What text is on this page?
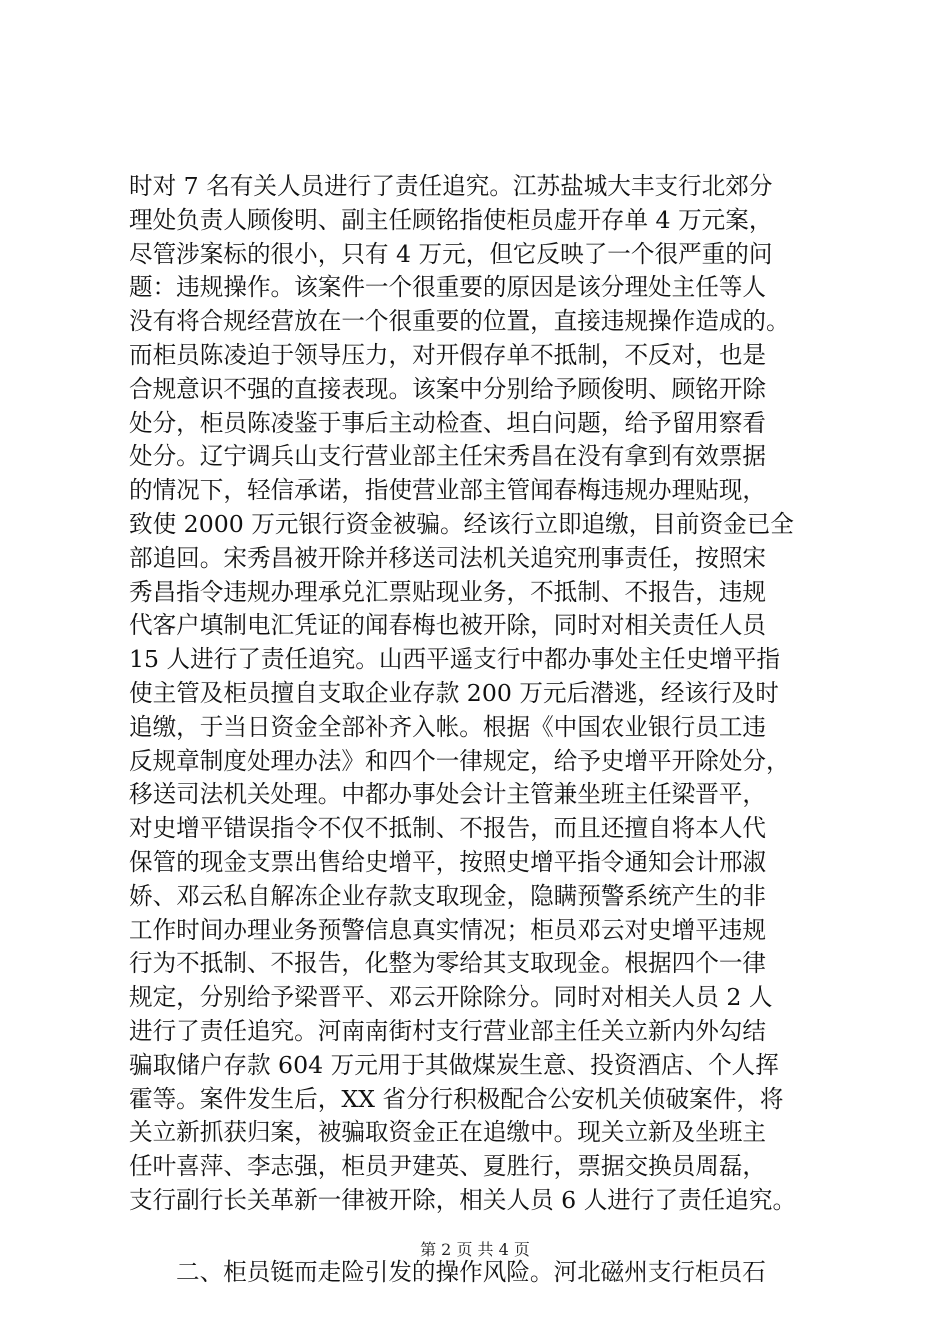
时对 7 名有关人员进行了责任追究。江苏盐城大丰支行北郊分
理处负责人顾俊明、副主任顾铭指使柜员虚开存单 4 万元案，
尽管涉案标的很小，只有 4 万元，但它反映了一个很严重的问
题：违规操作。该案件一个很重要的原因是该分理处主任等人
没有将合规经营放在一个很重要的位置，直接违规操作造成的。
而柜员陈凌迫于领导压力，对开假存单不抵制，不反对，也是
合规意识不强的直接表现。该案中分别给予顾俊明、顾铭开除
处分，柜员陈凌鉴于事后主动检查、坦白问题，给予留用察看
处分。辽宁调兵山支行营业部主任宋秀昌在没有拿到有效票据
的情况下，轻信承诺，指使营业部主管闻春梅违规办理贴现，
致使 2000 万元银行资金被骗。经该行立即追缴，目前资金已全
部追回。宋秀昌被开除并移送司法机关追究刑事责任，按照宋
秀昌指令违规办理承兑汇票贴现业务，不抵制、不报告，违规
代客户填制电汇凭证的闻春梅也被开除，同时对相关责任人员
15 人进行了责任追究。山西平遥支行中都办事处主任史增平指
使主管及柜员擅自支取企业存款 200 万元后潜逃，经该行及时
追缴，于当日资金全部补齐入帐。根据《中国农业银行员工违
反规章制度处理办法》和四个一律规定，给予史增平开除处分，
移送司法机关处理。中都办事处会计主管兼坐班主任梁晋平，
对史增平错误指令不仅不抵制、不报告，而且还擅自将本人代
保管的现金支票出售给史增平，按照史增平指令通知会计邢淑
娇、邓云私自解冻企业存款支取现金，隐瞒预警系统产生的非
工作时间办理业务预警信息真实情况；柜员邓云对史增平违规
行为不抵制、不报告，化整为零给其支取现金。根据四个一律
规定，分别给予梁晋平、邓云开除除分。同时对相关人员 2 人
进行了责任追究。河南南街村支行营业部主任关立新内外勾结
骗取储户存款 604 万元用于其做煤炭生意、投资酒店、个人挥
霍等。案件发生后，XX 省分行积极配合公安机关侦破案件，将
关立新抓获归案，被骗取资金正在追缴中。现关立新及坐班主
任叶喜萍、李志强，柜员尹建英、夏胜行，票据交换员周磊，
支行副行长关革新一律被开除，相关人员 6 人进行了责任追究。
二、柜员铤而走险引发的操作风险。河北磁州支行柜员石
第 2 页 共 4 页
